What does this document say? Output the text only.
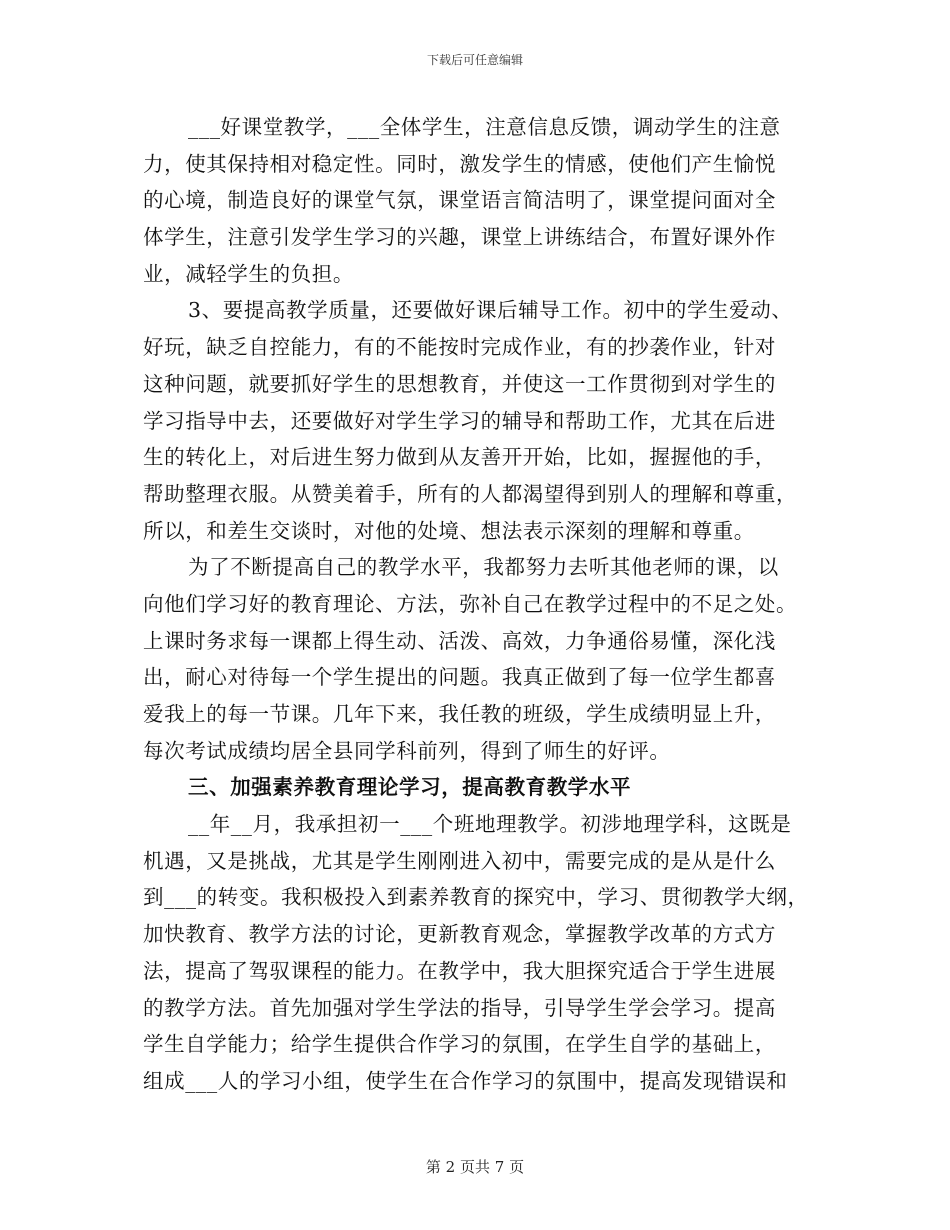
下载后可任意编辑
___好课堂教学，___全体学生，注意信息反馈，调动学生的注意
力，使其保持相对稳定性。同时，激发学生的情感，使他们产生愉悦
的心境，制造良好的课堂气氛，课堂语言简洁明了，课堂提问面对全
体学生，注意引发学生学习的兴趣，课堂上讲练结合，布置好课外作
业，减轻学生的负担。
3、要提高教学质量，还要做好课后辅导工作。初中的学生爱动、
好玩，缺乏自控能力，有的不能按时完成作业，有的抄袭作业，针对
这种问题，就要抓好学生的思想教育，并使这一工作贯彻到对学生的
学习指导中去，还要做好对学生学习的辅导和帮助工作，尤其在后进
生的转化上，对后进生努力做到从友善开开始，比如，握握他的手，
帮助整理衣服。从赞美着手，所有的人都渴望得到别人的理解和尊重，
所以，和差生交谈时，对他的处境、想法表示深刻的理解和尊重。
为了不断提高自己的教学水平，我都努力去听其他老师的课，以
向他们学习好的教育理论、方法，弥补自己在教学过程中的不足之处。
上课时务求每一课都上得生动、活泼、高效，力争通俗易懂，深化浅
出，耐心对待每一个学生提出的问题。我真正做到了每一位学生都喜
爱我上的每一节课。几年下来，我任教的班级，学生成绩明显上升，
每次考试成绩均居全县同学科前列，得到了师生的好评。
三、加强素养教育理论学习，提高教育教学水平
__年__月，我承担初一___个班地理教学。初涉地理学科，这既是
机遇，又是挑战，尤其是学生刚刚进入初中，需要完成的是从是什么
到___的转变。我积极投入到素养教育的探究中，学习、贯彻教学大纲，
加快教育、教学方法的讨论，更新教育观念，掌握教学改革的方式方
法，提高了驾驭课程的能力。在教学中，我大胆探究适合于学生进展
的教学方法。首先加强对学生学法的指导，引导学生学会学习。提高
学生自学能力；给学生提供合作学习的氛围，在学生自学的基础上，
组成___人的学习小组，使学生在合作学习的氛围中，提高发现错误和
第 2 页共 7 页
